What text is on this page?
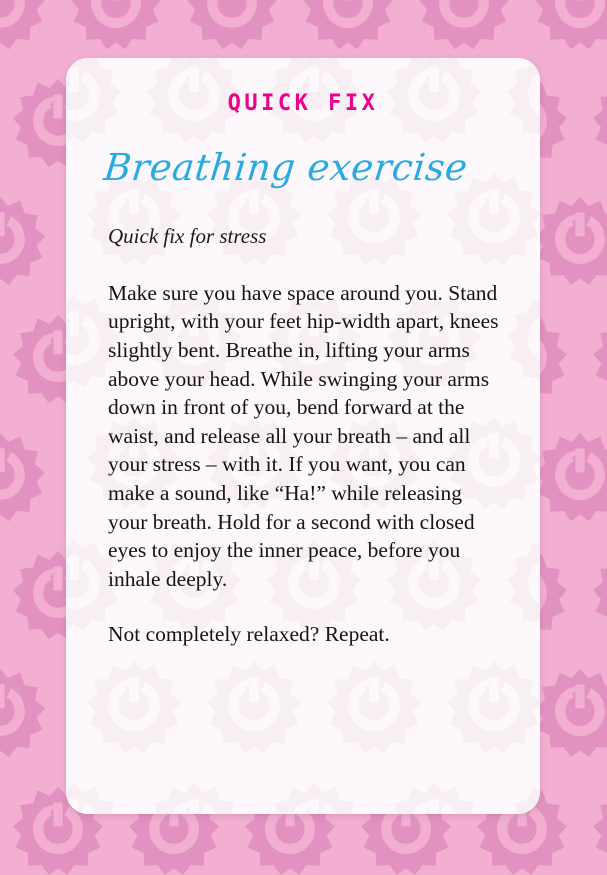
QUICK FIX
Breathing exercise
Quick fix for stress

Make sure you have space around you. Stand upright, with your feet hip-width apart, knees slightly bent. Breathe in, lifting your arms above your head. While swinging your arms down in front of you, bend forward at the waist, and release all your breath – and all your stress – with it. If you want, you can make a sound, like “Ha!” while releasing your breath. Hold for a second with closed eyes to enjoy the inner peace, before you inhale deeply.

Not completely relaxed? Repeat.
